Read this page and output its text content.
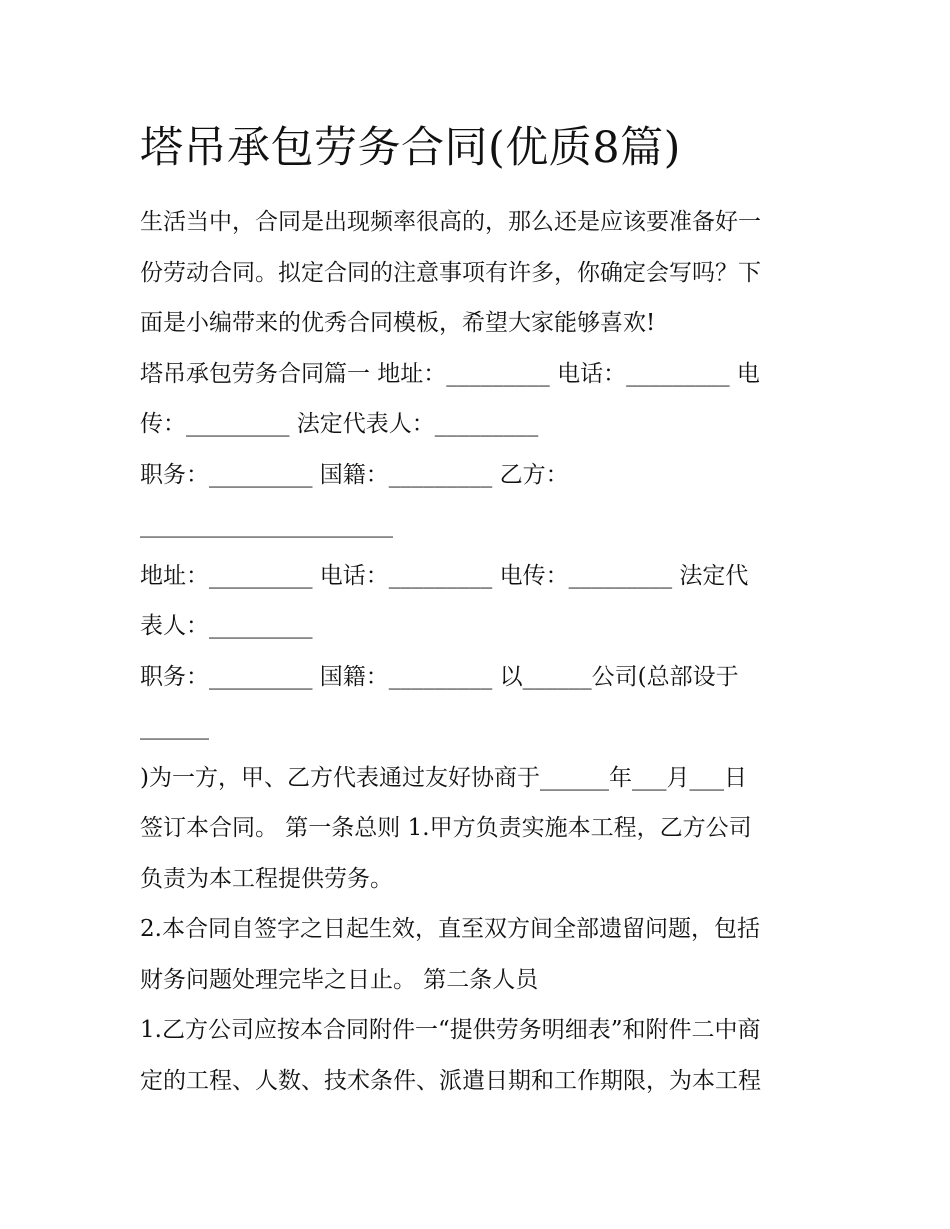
塔吊承包劳务合同(优质8篇)
生活当中，合同是出现频率很高的，那么还是应该要准备好一
份劳动合同。拟定合同的注意事项有许多，你确定会写吗？下
面是小编带来的优秀合同模板，希望大家能够喜欢!
塔吊承包劳务合同篇一 地址：_________ 电话：_________ 电
传：_________ 法定代表人：_________
职务：_________ 国籍：_________ 乙方：
______________________
地址：_________ 电话：_________ 电传：_________ 法定代
表人：_________
职务：_________ 国籍：_________ 以______公司(总部设于
______
)为一方，甲、乙方代表通过友好协商于______年___月___日
签订本合同。 第一条总则 1.甲方负责实施本工程，乙方公司
负责为本工程提供劳务。
2.本合同自签字之日起生效，直至双方间全部遗留问题，包括
财务问题处理完毕之日止。 第二条人员
1.乙方公司应按本合同附件一“提供劳务明细表”和附件二中商
定的工程、人数、技术条件、派遣日期和工作期限，为本工程
